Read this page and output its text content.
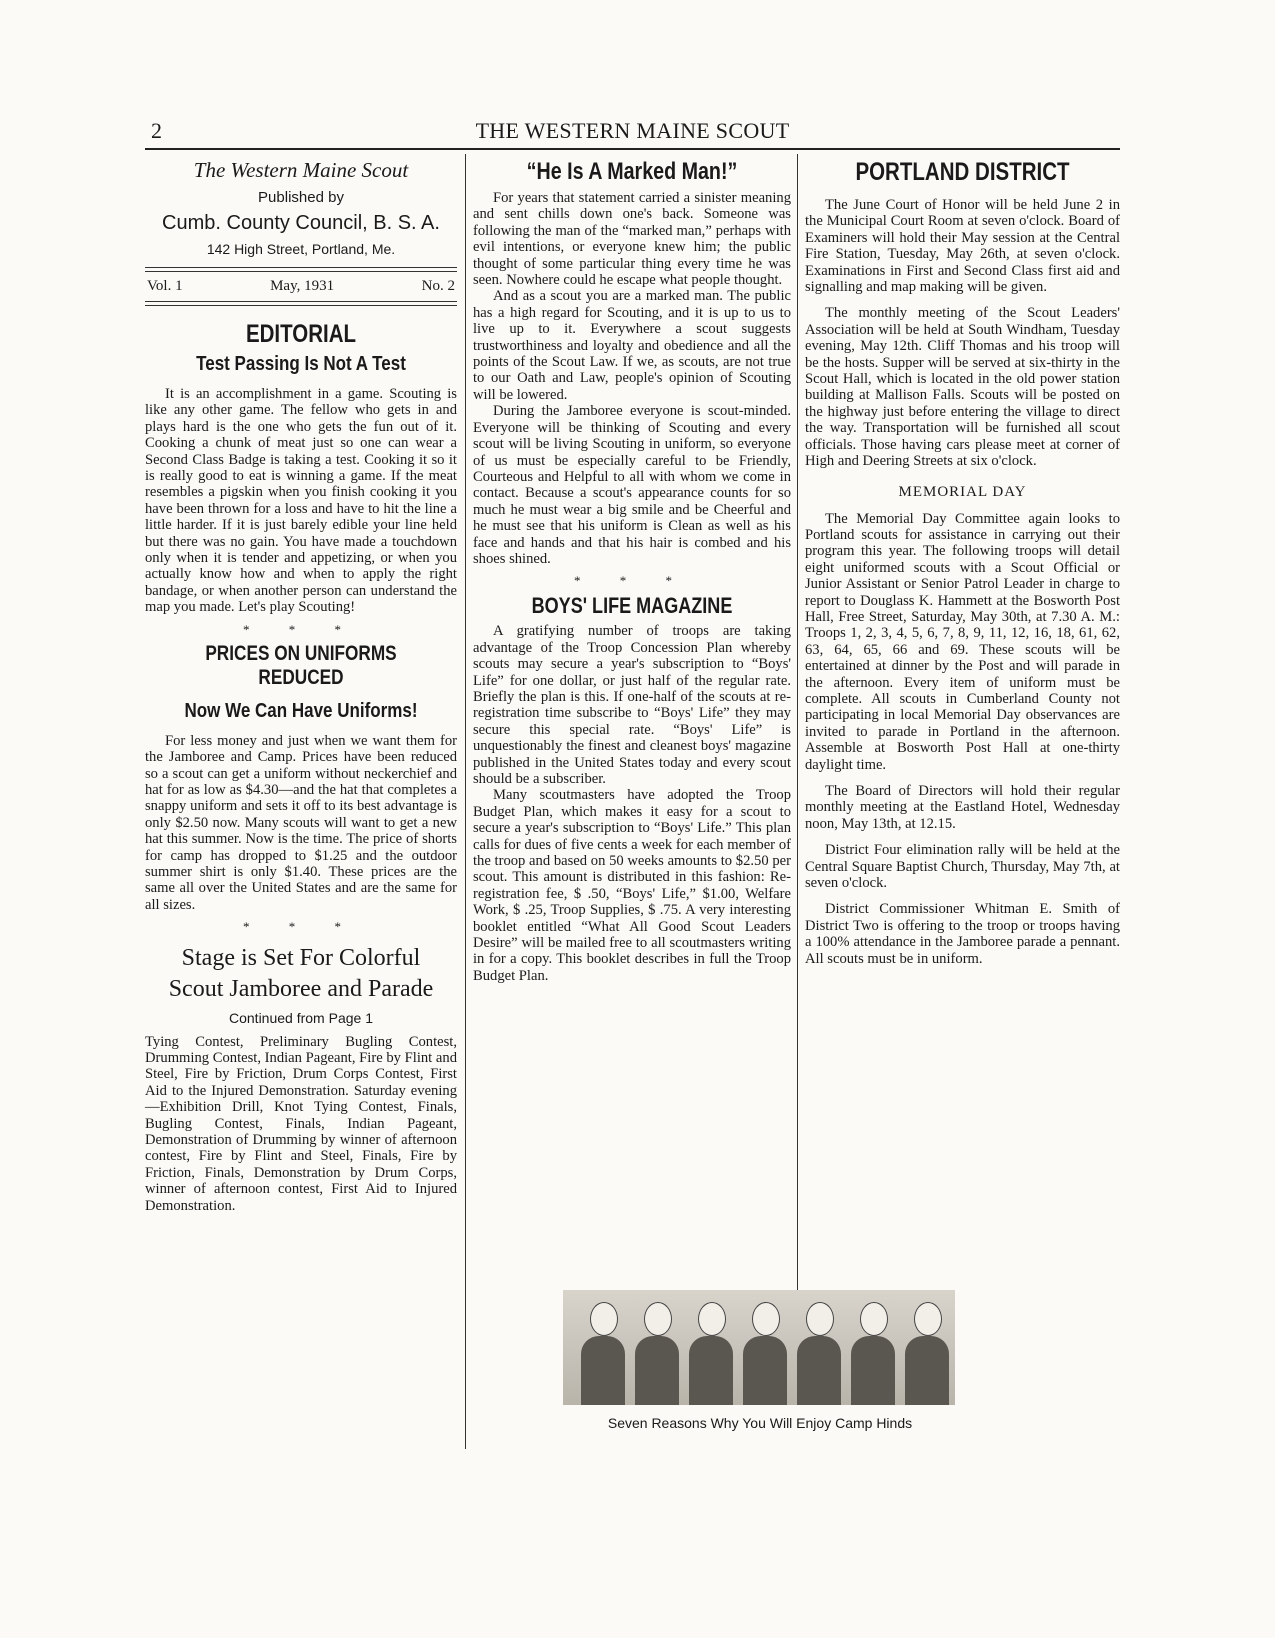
2	THE WESTERN MAINE SCOUT
The Western Maine Scout
Published by
Cumb. County Council, B. S. A.
142 High Street, Portland, Me.
Vol. 1	May, 1931	No. 2
EDITORIAL
Test Passing Is Not A Test

It is an accomplishment in a game. Scouting is like any other game. The fellow who gets in and plays hard is the one who gets the fun out of it. Cooking a chunk of meat just so one can wear a Second Class Badge is taking a test. Cooking it so it is really good to eat is winning a game. If the meat resembles a pigskin when you finish cooking it you have been thrown for a loss and have to hit the line a little harder. If it is just barely edible your line held but there was no gain. You have made a touchdown only when it is tender and appetizing, or when you actually know how and when to apply the right bandage, or when another person can understand the map you made. Let's play Scouting!

* * *
PRICES ON UNIFORMS REDUCED
Now We Can Have Uniforms!

For less money and just when we want them for the Jamboree and Camp. Prices have been reduced so a scout can get a uniform without neckerchief and hat for as low as $4.30—and the hat that completes a snappy uniform and sets it off to its best advantage is only $2.50 now. Many scouts will want to get a new hat this summer. Now is the time. The price of shorts for camp has dropped to $1.25 and the outdoor summer shirt is only $1.40. These prices are the same all over the United States and are the same for all sizes.

* * *
Stage is Set For Colorful
Scout Jamboree and Parade
Continued from Page 1

Tying Contest, Preliminary Bugling Contest, Drumming Contest, Indian Pageant, Fire by Flint and Steel, Fire by Friction, Drum Corps Contest, First Aid to the Injured Demonstration. Saturday evening—Exhibition Drill, Knot Tying Contest, Finals, Bugling Contest, Finals, Indian Pageant, Demonstration of Drumming by winner of afternoon contest, Fire by Flint and Steel, Finals, Fire by Friction, Finals, Demonstration by Drum Corps, winner of afternoon contest, First Aid to Injured Demonstration.

“He Is A Marked Man!”

For years that statement carried a sinister meaning and sent chills down one's back. Someone was following the man of the “marked man,” perhaps with evil intentions, or everyone knew him; the public thought of some particular thing every time he was seen. Nowhere could he escape what people thought.

And as a scout you are a marked man. The public has a high regard for Scouting, and it is up to us to live up to it. Everywhere a scout suggests trustworthiness and loyalty and obedience and all the points of the Scout Law. If we, as scouts, are not true to our Oath and Law, people's opinion of Scouting will be lowered.

During the Jamboree everyone is scout-minded. Everyone will be thinking of Scouting and every scout will be living Scouting in uniform, so everyone of us must be especially careful to be Friendly, Courteous and Helpful to all with whom we come in contact. Because a scout's appearance counts for so much he must wear a big smile and be Cheerful and he must see that his uniform is Clean as well as his face and hands and that his hair is combed and his shoes shined.

* * *
BOYS' LIFE MAGAZINE

A gratifying number of troops are taking advantage of the Troop Concession Plan whereby scouts may secure a year's subscription to “Boys' Life” for one dollar, or just half of the regular rate. Briefly the plan is this. If one-half of the scouts at re-registration time subscribe to “Boys' Life” they may secure this special rate. “Boys' Life” is unquestionably the finest and cleanest boys' magazine published in the United States today and every scout should be a subscriber.

Many scoutmasters have adopted the Troop Budget Plan, which makes it easy for a scout to secure a year's subscription to “Boys' Life.” This plan calls for dues of five cents a week for each member of the troop and based on 50 weeks amounts to $2.50 per scout. This amount is distributed in this fashion: Re-registration fee, $ .50, “Boys' Life,” $1.00, Welfare Work, $ .25, Troop Supplies, $ .75. A very interesting booklet entitled “What All Good Scout Leaders Desire” will be mailed free to all scoutmasters writing in for a copy. This booklet describes in full the Troop Budget Plan.

PORTLAND DISTRICT

The June Court of Honor will be held June 2 in the Municipal Court Room at seven o'clock. Board of Examiners will hold their May session at the Central Fire Station, Tuesday, May 26th, at seven o'clock. Examinations in First and Second Class first aid and signalling and map making will be given.

The monthly meeting of the Scout Leaders' Association will be held at South Windham, Tuesday evening, May 12th. Cliff Thomas and his troop will be the hosts. Supper will be served at six-thirty in the Scout Hall, which is located in the old power station building at Mallison Falls. Scouts will be posted on the highway just before entering the village to direct the way. Transportation will be furnished all scout officials. Those having cars please meet at corner of High and Deering Streets at six o'clock.

MEMORIAL DAY

The Memorial Day Committee again looks to Portland scouts for assistance in carrying out their program this year. The following troops will detail eight uniformed scouts with a Scout Official or Junior Assistant or Senior Patrol Leader in charge to report to Douglass K. Hammett at the Bosworth Post Hall, Free Street, Saturday, May 30th, at 7.30 A. M.: Troops 1, 2, 3, 4, 5, 6, 7, 8, 9, 11, 12, 16, 18, 61, 62, 63, 64, 65, 66 and 69. These scouts will be entertained at dinner by the Post and will parade in the afternoon. Every item of uniform must be complete. All scouts in Cumberland County not participating in local Memorial Day observances are invited to parade in Portland in the afternoon. Assemble at Bosworth Post Hall at one-thirty daylight time.

The Board of Directors will hold their regular monthly meeting at the Eastland Hotel, Wednesday noon, May 13th, at 12.15.

District Four elimination rally will be held at the Central Square Baptist Church, Thursday, May 7th, at seven o'clock.

District Commissioner Whitman E. Smith of District Two is offering to the troop or troops having a 100% attendance in the Jamboree parade a pennant. All scouts must be in uniform.

Seven Reasons Why You Will Enjoy Camp Hinds
